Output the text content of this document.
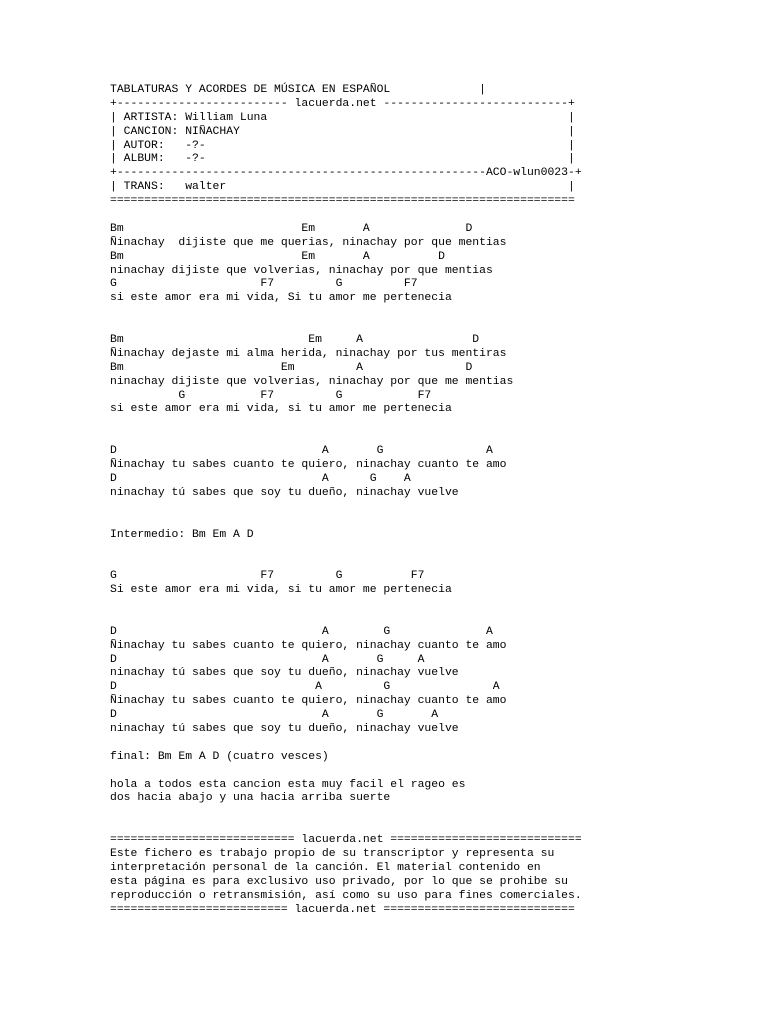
TABLATURAS Y ACORDES DE MÚSICA EN ESPAÑOL             |
+------------------------- lacuerda.net ---------------------------+
| ARTISTA: William Luna                                            |
| CANCION: NIÑACHAY                                                |
| AUTOR:   -?-                                                     |
| ALBUM:   -?-                                                     |
+------------------------------------------------------ACO-wlun0023-+
| TRANS:   walter                                                  |
====================================================================

Bm                          Em       A              D
Ñinachay  dijiste que me querias, ninachay por que mentias
Bm                          Em       A          D
ninachay dijiste que volverias, ninachay por que mentias
G                     F7         G         F7
si este amor era mi vida, Si tu amor me pertenecia

Bm                           Em     A                D
Ñinachay dejaste mi alma herida, ninachay por tus mentiras
Bm                       Em         A               D
ninachay dijiste que volverias, ninachay por que me mentias
G           F7         G           F7
si este amor era mi vida, si tu amor me pertenecia

D                              A       G               A
Ñinachay tu sabes cuanto te quiero, ninachay cuanto te amo
D                              A      G    A
ninachay tú sabes que soy tu dueño, ninachay vuelve

Intermedio: Bm Em A D

G                     F7         G          F7
Si este amor era mi vida, si tu amor me pertenecia

D                              A        G              A
Ñinachay tu sabes cuanto te quiero, ninachay cuanto te amo
D                              A       G     A
ninachay tú sabes que soy tu dueño, ninachay vuelve
D                             A         G               A
Ñinachay tu sabes cuanto te quiero, ninachay cuanto te amo
D                              A       G       A
ninachay tú sabes que soy tu dueño, ninachay vuelve

final: Bm Em A D (cuatro vesces)

hola a todos esta cancion esta muy facil el rageo es
dos hacia abajo y una hacia arriba suerte

=========================== lacuerda.net ============================
Este fichero es trabajo propio de su transcriptor y representa su
interpretación personal de la canción. El material contenido en
esta página es para exclusivo uso privado, por lo que se prohibe su
reproducción o retransmisión, así como su uso para fines comerciales.
========================== lacuerda.net ============================
